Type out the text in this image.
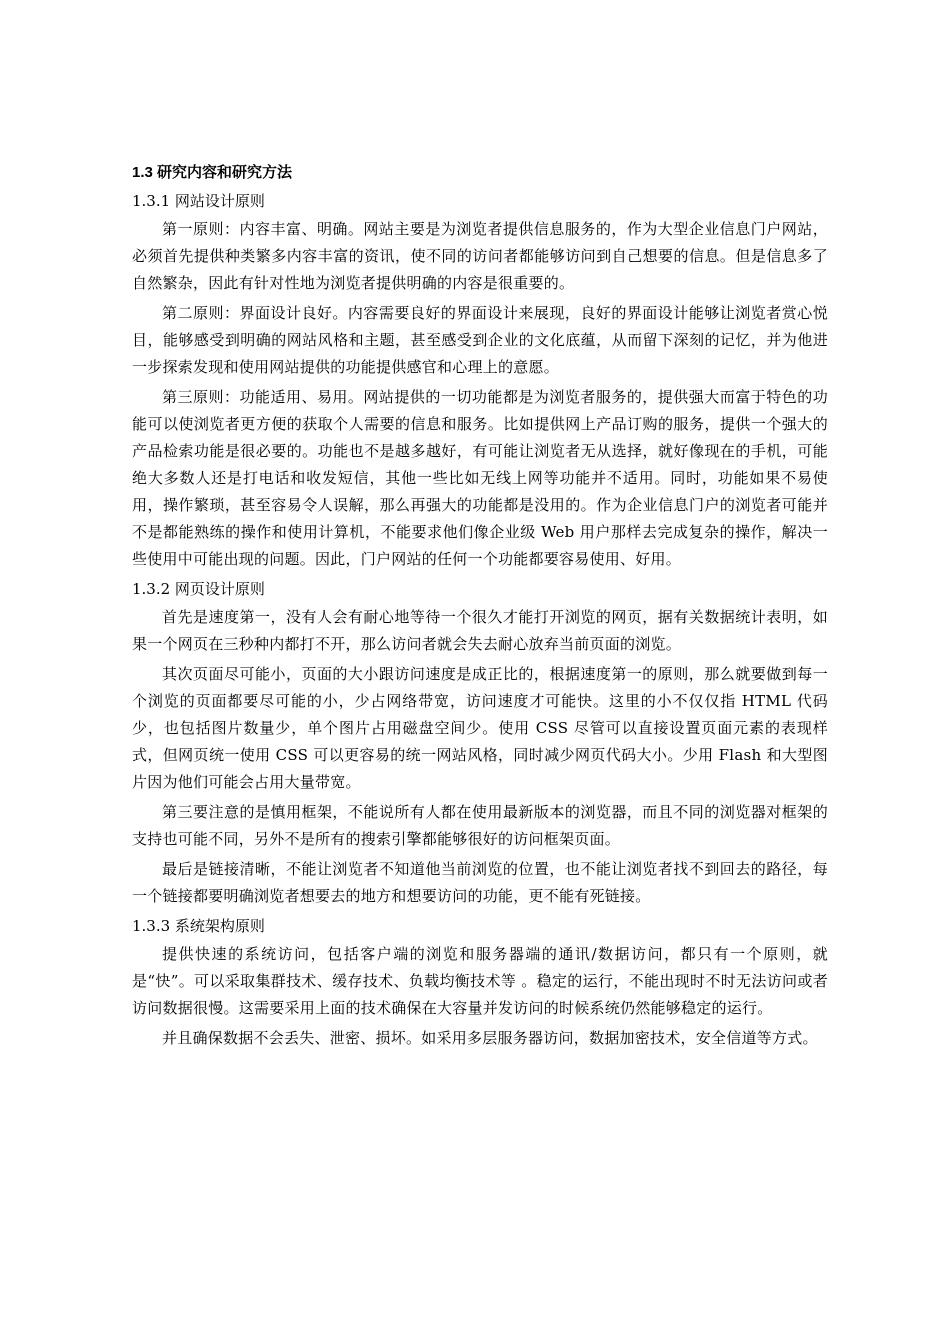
1.3 研究内容和研究方法
1.3.1 网站设计原则

第一原则：内容丰富、明确。网站主要是为浏览者提供信息服务的，作为大型企业信息门户网站，必须首先提供种类繁多内容丰富的资讯，使不同的访问者都能够访问到自己想要的信息。但是信息多了自然繁杂，因此有针对性地为浏览者提供明确的内容是很重要的。

第二原则：界面设计良好。内容需要良好的界面设计来展现，良好的界面设计能够让浏览者赏心悦目，能够感受到明确的网站风格和主题，甚至感受到企业的文化底蕴，从而留下深刻的记忆，并为他进一步探索发现和使用网站提供的功能提供感官和心理上的意愿。

第三原则：功能适用、易用。网站提供的一切功能都是为浏览者服务的，提供强大而富于特色的功能可以使浏览者更方便的获取个人需要的信息和服务。比如提供网上产品订购的服务，提供一个强大的产品检索功能是很必要的。功能也不是越多越好，有可能让浏览者无从选择，就好像现在的手机，可能绝大多数人还是打电话和收发短信，其他一些比如无线上网等功能并不适用。同时，功能如果不易使用，操作繁琐，甚至容易令人误解，那么再强大的功能都是没用的。作为企业信息门户的浏览者可能并不是都能熟练的操作和使用计算机，不能要求他们像企业级 Web 用户那样去完成复杂的操作，解决一些使用中可能出现的问题。因此，门户网站的任何一个功能都要容易使用、好用。

1.3.2 网页设计原则

首先是速度第一，没有人会有耐心地等待一个很久才能打开浏览的网页，据有关数据统计表明，如果一个网页在三秒种内都打不开，那么访问者就会失去耐心放弃当前页面的浏览。

其次页面尽可能小，页面的大小跟访问速度是成正比的，根据速度第一的原则，那么就要做到每一个浏览的页面都要尽可能的小，少占网络带宽，访问速度才可能快。这里的小不仅仅指 HTML 代码少，也包括图片数量少，单个图片占用磁盘空间少。使用 CSS 尽管可以直接设置页面元素的表现样式，但网页统一使用 CSS 可以更容易的统一网站风格，同时减少网页代码大小。少用 Flash 和大型图片因为他们可能会占用大量带宽。

第三要注意的是慎用框架，不能说所有人都在使用最新版本的浏览器，而且不同的浏览器对框架的支持也可能不同，另外不是所有的搜索引擎都能够很好的访问框架页面。

最后是链接清晰，不能让浏览者不知道他当前浏览的位置，也不能让浏览者找不到回去的路径，每一个链接都要明确浏览者想要去的地方和想要访问的功能，更不能有死链接。

1.3.3 系统架构原则

提供快速的系统访问，包括客户端的浏览和服务器端的通讯/数据访问，都只有一个原则，就是“快”。可以采取集群技术、缓存技术、负载均衡技术等 。稳定的运行，不能出现时不时无法访问或者访问数据很慢。这需要采用上面的技术确保在大容量并发访问的时候系统仍然能够稳定的运行。

并且确保数据不会丢失、泄密、损坏。如采用多层服务器访问，数据加密技术，安全信道等方式。
